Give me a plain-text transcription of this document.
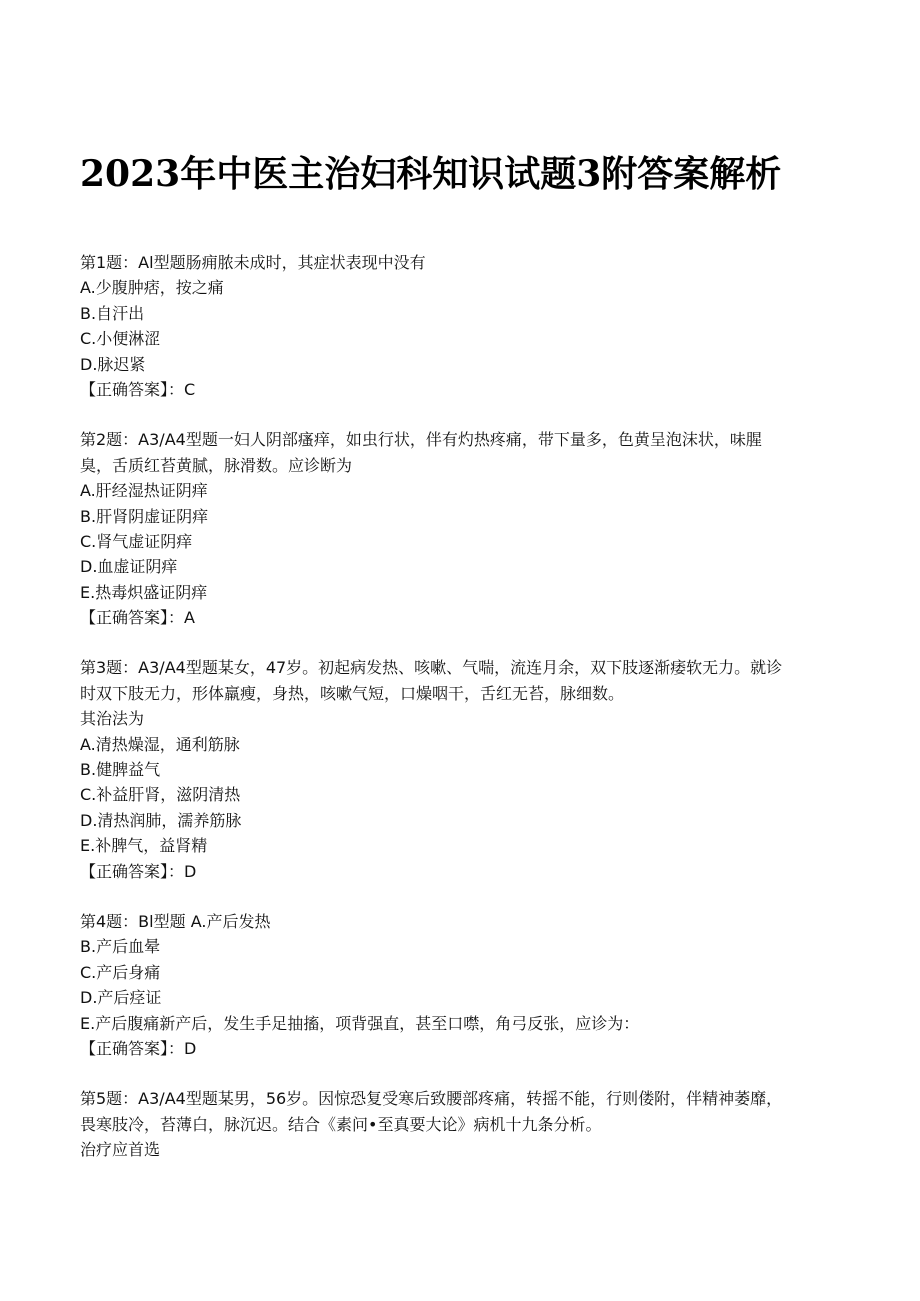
2023年中医主治妇科知识试题3附答案解析
第1题：Al型题肠痈脓未成时，其症状表现中没有
A.少腹肿痞，按之痛
B.自汗出
C.小便淋涩
D.脉迟紧
【正确答案】：C
第2题：A3/A4型题一妇人阴部瘙痒，如虫行状，伴有灼热疼痛，带下量多，色黄呈泡沫状，味腥
臭，舌质红苔黄腻，脉滑数。应诊断为
A.肝经湿热证阴痒
B.肝肾阴虚证阴痒
C.肾气虚证阴痒
D.血虚证阴痒
E.热毒炽盛证阴痒
【正确答案】：A
第3题：A3/A4型题某女，47岁。初起病发热、咳嗽、气喘，流连月余，双下肢逐渐痿软无力。就诊
时双下肢无力，形体羸瘦，身热，咳嗽气短，口燥咽干，舌红无苔，脉细数。
其治法为
A.清热燥湿，通利筋脉
B.健脾益气
C.补益肝肾，滋阴清热
D.清热润肺，濡养筋脉
E.补脾气，益肾精
【正确答案】：D
第4题：Bl型题 A.产后发热
B.产后血晕
C.产后身痛
D.产后痉证
E.产后腹痛新产后，发生手足抽搐，项背强直，甚至口噤，角弓反张，应诊为：
【正确答案】：D
第5题：A3/A4型题某男，56岁。因惊恐复受寒后致腰部疼痛，转摇不能，行则偻附，伴精神萎靡，
畏寒肢冷，苔薄白，脉沉迟。结合《素问•至真要大论》病机十九条分析。
治疗应首选
